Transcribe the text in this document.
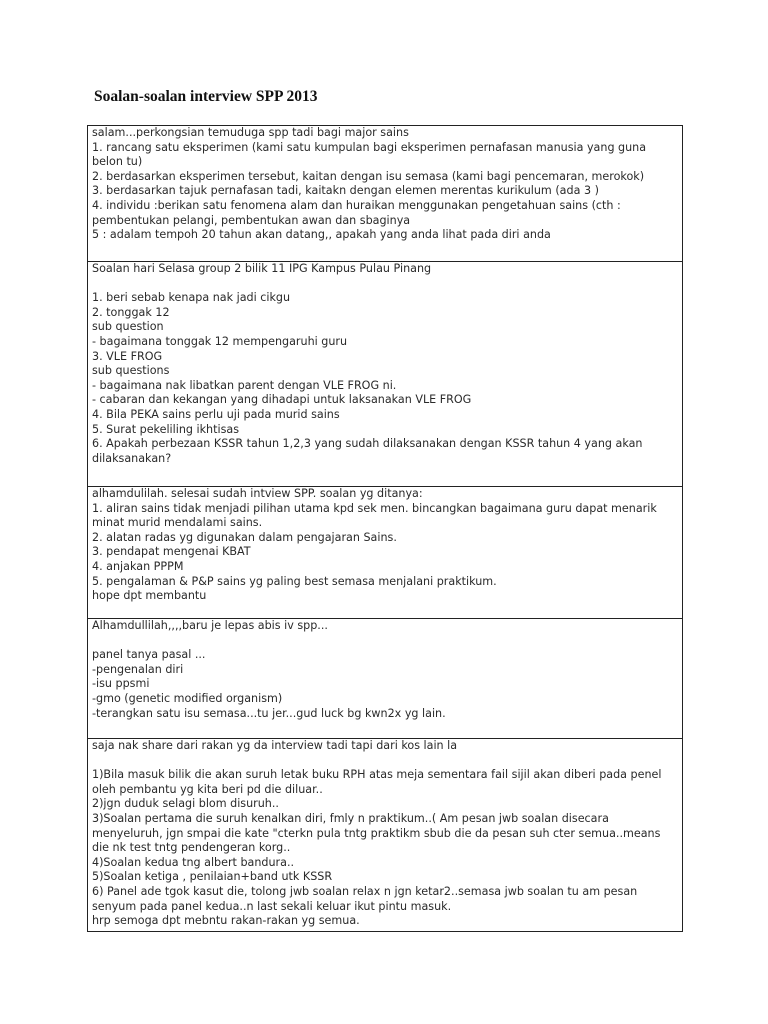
Soalan-soalan interview SPP 2013
salam...perkongsian temuduga spp tadi bagi major sains
1. rancang satu eksperimen (kami satu kumpulan bagi eksperimen pernafasan manusia yang guna
belon tu)
2. berdasarkan eksperimen tersebut, kaitan dengan isu semasa (kami bagi pencemaran, merokok)
3. berdasarkan tajuk pernafasan tadi, kaitakn dengan elemen merentas kurikulum (ada 3 )
4. individu :berikan satu fenomena alam dan huraikan menggunakan pengetahuan sains (cth :
pembentukan pelangi, pembentukan awan dan sbaginya
5 : adalam tempoh 20 tahun akan datang,, apakah yang anda lihat pada diri anda
Soalan hari Selasa group 2 bilik 11 IPG Kampus Pulau Pinang
1. beri sebab kenapa nak jadi cikgu
2. tonggak 12
sub question
- bagaimana tonggak 12 mempengaruhi guru
3. VLE FROG
sub questions
- bagaimana nak libatkan parent dengan VLE FROG ni.
- cabaran dan kekangan yang dihadapi untuk laksanakan VLE FROG
4. Bila PEKA sains perlu uji pada murid sains
5. Surat pekeliling ikhtisas
6. Apakah perbezaan KSSR tahun 1,2,3 yang sudah dilaksanakan dengan KSSR tahun 4 yang akan
dilaksanakan?
alhamdulilah. selesai sudah intview SPP. soalan yg ditanya:
1. aliran sains tidak menjadi pilihan utama kpd sek men. bincangkan bagaimana guru dapat menarik
minat murid mendalami sains.
2. alatan radas yg digunakan dalam pengajaran Sains.
3. pendapat mengenai KBAT
4. anjakan PPPM
5. pengalaman & P&P sains yg paling best semasa menjalani praktikum.
hope dpt membantu
Alhamdullilah,,,,baru je lepas abis iv spp...
panel tanya pasal ...
-pengenalan diri
-isu ppsmi
-gmo (genetic modified organism)
-terangkan satu isu semasa...tu jer...gud luck bg kwn2x yg lain.
saja nak share dari rakan yg da interview tadi tapi dari kos lain la
1)Bila masuk bilik die akan suruh letak buku RPH atas meja sementara fail sijil akan diberi pada penel
oleh pembantu yg kita beri pd die diluar..
2)jgn duduk selagi blom disuruh..
3)Soalan pertama die suruh kenalkan diri, fmly n praktikum..( Am pesan jwb soalan disecara
menyeluruh, jgn smpai die kate "cterkn pula tntg praktikm sbub die da pesan suh cter semua..means
die nk test tntg pendengeran korg..
4)Soalan kedua tng albert bandura..
5)Soalan ketiga , penilaian+band utk KSSR
6) Panel ade tgok kasut die, tolong jwb soalan relax n jgn ketar2..semasa jwb soalan tu am pesan
senyum pada panel kedua..n last sekali keluar ikut pintu masuk.
hrp semoga dpt mebntu rakan-rakan yg semua.
